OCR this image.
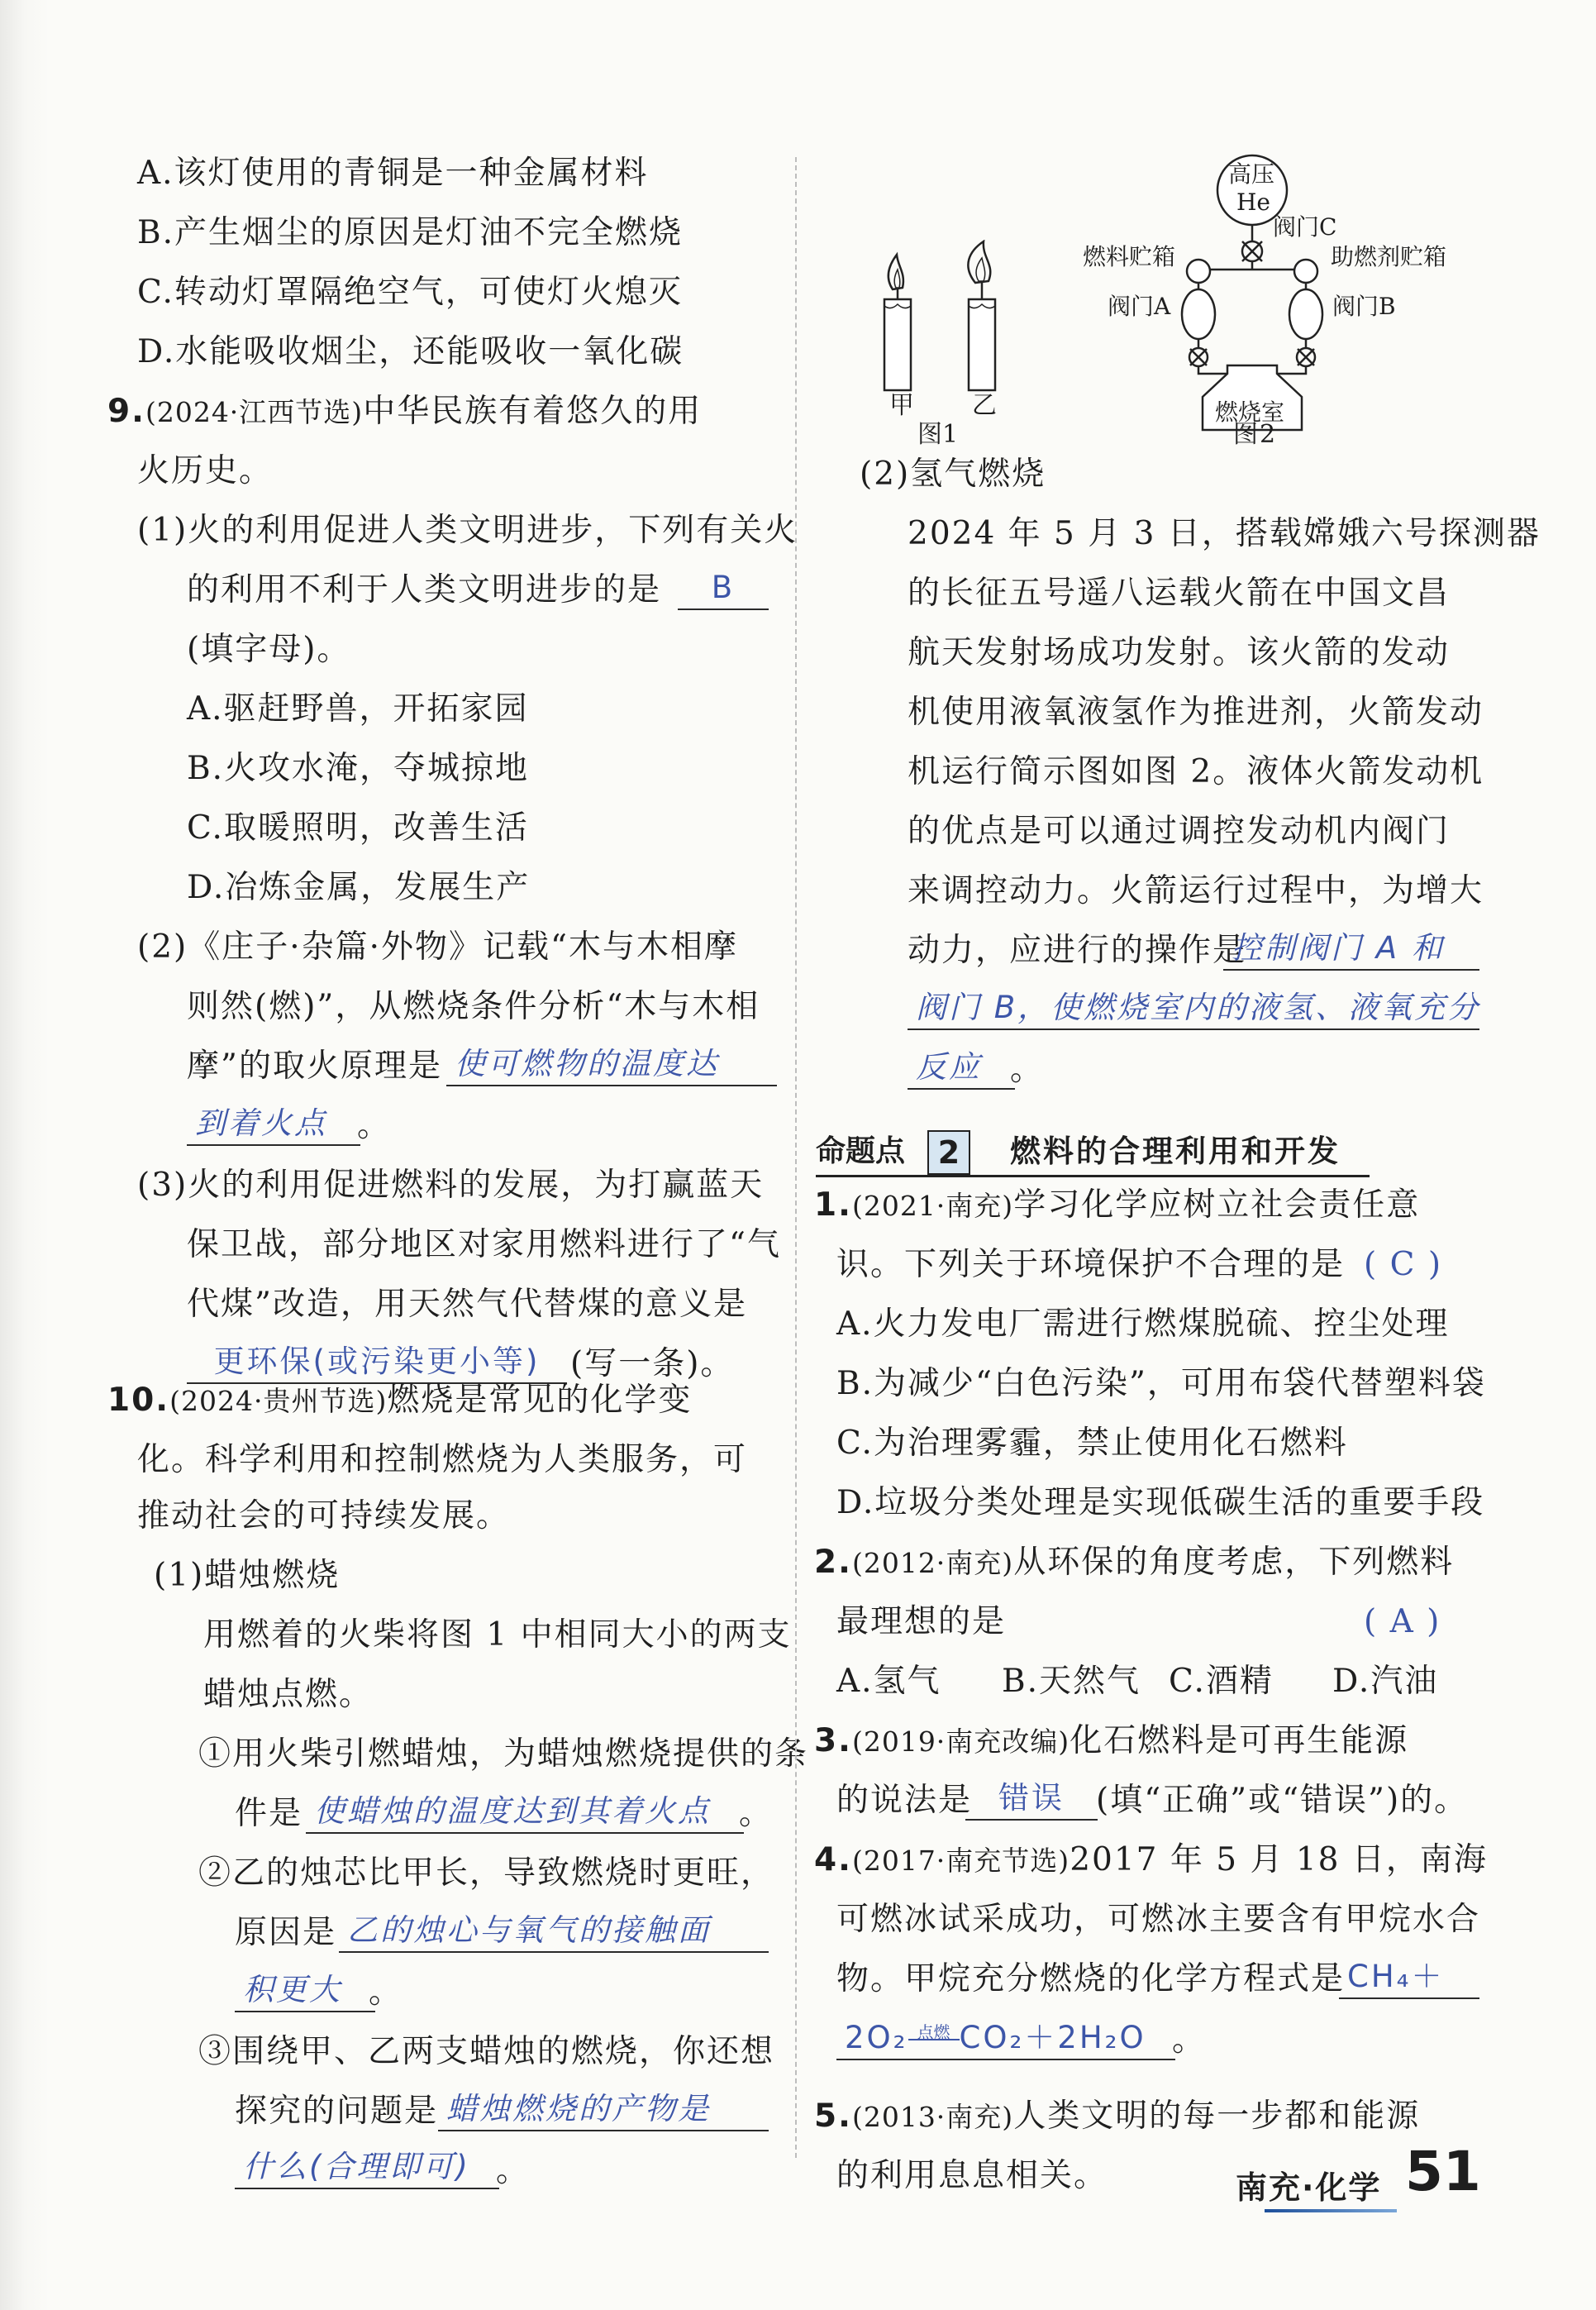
A.该灯使用的青铜是一种金属材料
B.产生烟尘的原因是灯油不完全燃烧
C.转动灯罩隔绝空气，可使灯火熄灭
D.水能吸收烟尘，还能吸收一氧化碳
9.(2024·江西节选)中华民族有着悠久的用
火历史。
(1)火的利用促进人类文明进步，下列有关火
的利用不利于人类文明进步的是	B
(填字母)。
A.驱赶野兽，开拓家园
B.火攻水淹，夺城掠地
C.取暖照明，改善生活
D.冶炼金属，发展生产
(2)《庄子·杂篇·外物》记载“木与木相摩
则然(燃)”，从燃烧条件分析“木与木相
摩”的取火原理是 使可燃物的温度达
到着火点 。
(3)火的利用促进燃料的发展，为打赢蓝天
保卫战，部分地区对家用燃料进行了“气
代煤”改造，用天然气代替煤的意义是
更环保(或污染更小等) (写一条)。
10.(2024·贵州节选)燃烧是常见的化学变
化。科学利用和控制燃烧为人类服务，可
推动社会的可持续发展。
(1)蜡烛燃烧
用燃着的火柴将图 1 中相同大小的两支
蜡烛点燃。
①用火柴引燃蜡烛，为蜡烛燃烧提供的条
件是 使蜡烛的温度达到其着火点 。
②乙的烛芯比甲长，导致燃烧时更旺，
原因是 乙的烛心与氧气的接触面
积更大 。
③围绕甲、乙两支蜡烛的燃烧，你还想
探究的问题是 蜡烛燃烧的产物是
什么(合理即可) 。
甲 乙
图1
高压
He
阀门C
燃料贮箱	助燃剂贮箱
阀门A	阀门B
燃烧室
图2
(2)氢气燃烧
2024 年 5 月 3 日，搭载嫦娥六号探测器
的长征五号遥八运载火箭在中国文昌
航天发射场成功发射。该火箭的发动
机使用液氧液氢作为推进剂，火箭发动
机运行简示图如图 2。液体火箭发动机
的优点是可以通过调控发动机内阀门
来调控动力。火箭运行过程中，为增大
动力，应进行的操作是
控制阀门 A 和
阀门 B，使燃烧室内的液氢、液氧充分
反应 。
命题点	2	燃料的合理利用和开发
1.(2021·南充)学习化学应树立社会责任意
识。下列关于环境保护不合理的是 ( C )
A.火力发电厂需进行燃煤脱硫、控尘处理
B.为减少“白色污染”，可用布袋代替塑料袋
C.为治理雾霾，禁止使用化石燃料
D.垃圾分类处理是实现低碳生活的重要手段
2.(2012·南充)从环保的角度考虑，下列燃料
最理想的是	( A )
A.氢气 B.天然气 C.酒精 D.汽油
3.(2019·南充改编)化石燃料是可再生能源
的说法是 错误 (填“正确”或“错误”)的。
4.(2017·南充节选)2017 年 5 月 18 日，南海
可燃冰试采成功，可燃冰主要含有甲烷水合
物。甲烷充分燃烧的化学方程式是 CH₄＋
2O₂ 点燃 CO₂＋2H₂O 。
5.(2013·南充)人类文明的每一步都和能源
的利用息息相关。	南充·化学 51
